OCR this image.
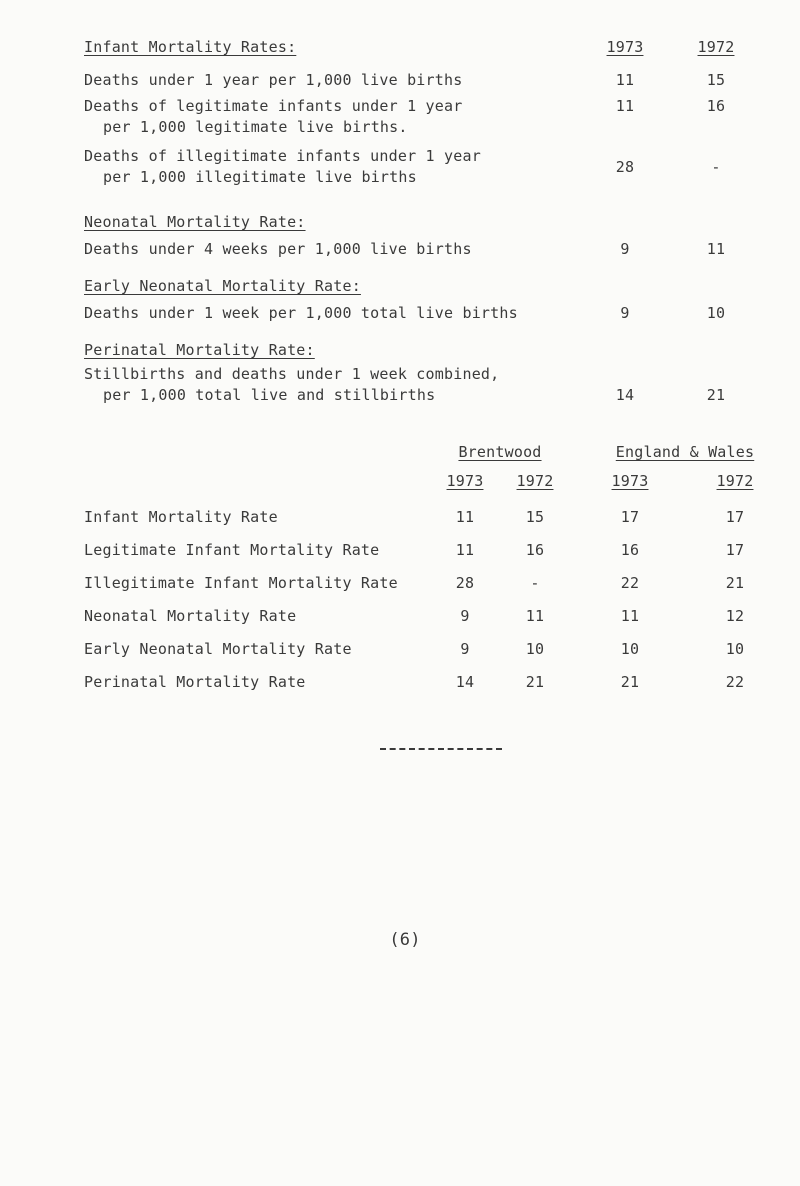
Infant Mortality Rates:	1973	1972
Deaths under 1 year per 1,000 live births	11	15
Deaths of legitimate infants under 1 year
per 1,000 legitimate live births.
11	16
Deaths of illegitimate infants under 1 year
per 1,000 illegitimate live births
28	-
Neonatal Mortality Rate:
Deaths under 4 weeks per 1,000 live births	9	11
Early Neonatal Mortality Rate:
Deaths under 1 week per 1,000 total live births	9	10
Perinatal Mortality Rate:
Stillbirths and deaths under 1 week combined,
per 1,000 total live and stillbirths	14	21
Brentwood	England & Wales
1973	1972	1973	1972
Infant Mortality Rate	11	15	17	17
Legitimate Infant Mortality Rate	11	16	16	17
Illegitimate Infant Mortality Rate	28	-	22	21
Neonatal Mortality Rate	9	11	11	12
Early Neonatal Mortality Rate	9	10	10	10
Perinatal Mortality Rate	14	21	21	22
(6)
